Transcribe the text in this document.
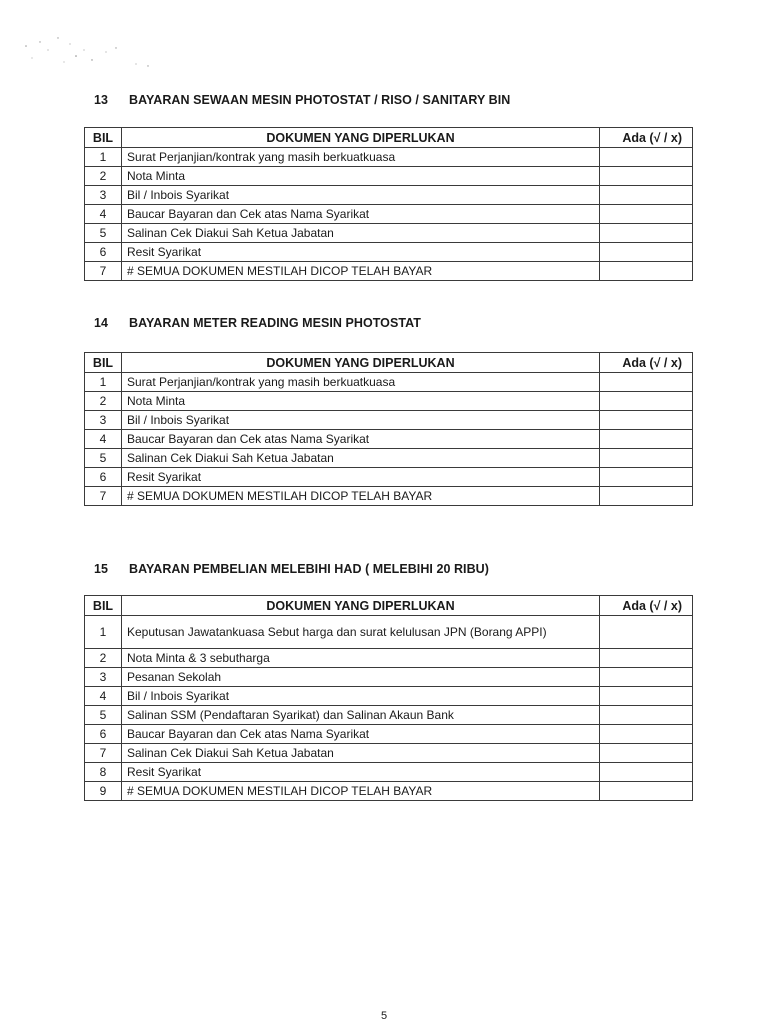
13 BAYARAN SEWAAN MESIN PHOTOSTAT / RISO / SANITARY BIN
BIL	DOKUMEN YANG DIPERLUKAN	Ada (√ / x)
1	Surat Perjanjian/kontrak yang masih berkuatkuasa	
2	Nota Minta	
3	Bil / Inbois Syarikat	
4	Baucar Bayaran dan Cek atas Nama Syarikat	
5	Salinan Cek Diakui Sah Ketua Jabatan	
6	Resit Syarikat	
7	# SEMUA DOKUMEN MESTILAH DICOP TELAH BAYAR	
14 BAYARAN METER READING MESIN PHOTOSTAT
BIL	DOKUMEN YANG DIPERLUKAN	Ada (√ / x)
1	Surat Perjanjian/kontrak yang masih berkuatkuasa	
2	Nota Minta	
3	Bil / Inbois Syarikat	
4	Baucar Bayaran dan Cek atas Nama Syarikat	
5	Salinan Cek Diakui Sah Ketua Jabatan	
6	Resit Syarikat	
7	# SEMUA DOKUMEN MESTILAH DICOP TELAH BAYAR	
15 BAYARAN PEMBELIAN MELEBIHI HAD ( MELEBIHI 20 RIBU)
BIL	DOKUMEN YANG DIPERLUKAN	Ada (√ / x)
1	Keputusan Jawatankuasa Sebut harga dan surat kelulusan JPN (Borang APPI)	
2	Nota Minta & 3 sebutharga	
3	Pesanan Sekolah	
4	Bil / Inbois Syarikat	
5	Salinan SSM (Pendaftaran Syarikat) dan Salinan Akaun Bank	
6	Baucar Bayaran dan Cek atas Nama Syarikat	
7	Salinan Cek Diakui Sah Ketua Jabatan	
8	Resit Syarikat	
9	# SEMUA DOKUMEN MESTILAH DICOP TELAH BAYAR	
5
